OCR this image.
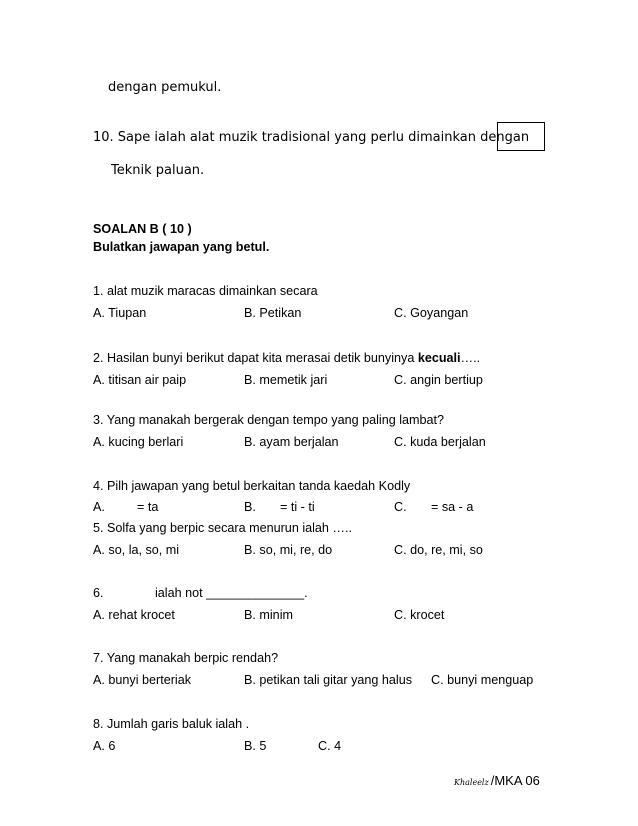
dengan pemukul.
10. Sape ialah alat muzik tradisional yang perlu dimainkan dengan
Teknik paluan.
SOALAN B ( 10 )
Bulatkan jawapan yang betul.
1. alat muzik maracas dimainkan secara
A. Tiupan	B. Petikan	C. Goyangan
2. Hasilan bunyi berikut dapat kita merasai detik bunyinya kecuali…..
A. titisan air paip	B. memetik jari	C. angin bertiup
3. Yang manakah bergerak dengan tempo yang paling lambat?
A. kucing berlari	B. ayam berjalan	C. kuda berjalan
4. Pilh jawapan yang betul berkaitan tanda kaedah Kodly
A.	= ta	B. = ti - ti	C. = sa - a
5. Solfa yang berpic secara menurun ialah …..
A. so, la, so, mi	B. so, mi, re, do	C. do, re, mi, so
6.	ialah not ______________.
A. rehat krocet	B. minim	C. krocet
7. Yang manakah berpic rendah?
A. bunyi berteriak	B. petikan tali gitar yang halus C. bunyi menguap
8. Jumlah garis baluk ialah .
A. 6	B. 5	C. 4
Khaleelz /MKA 06
